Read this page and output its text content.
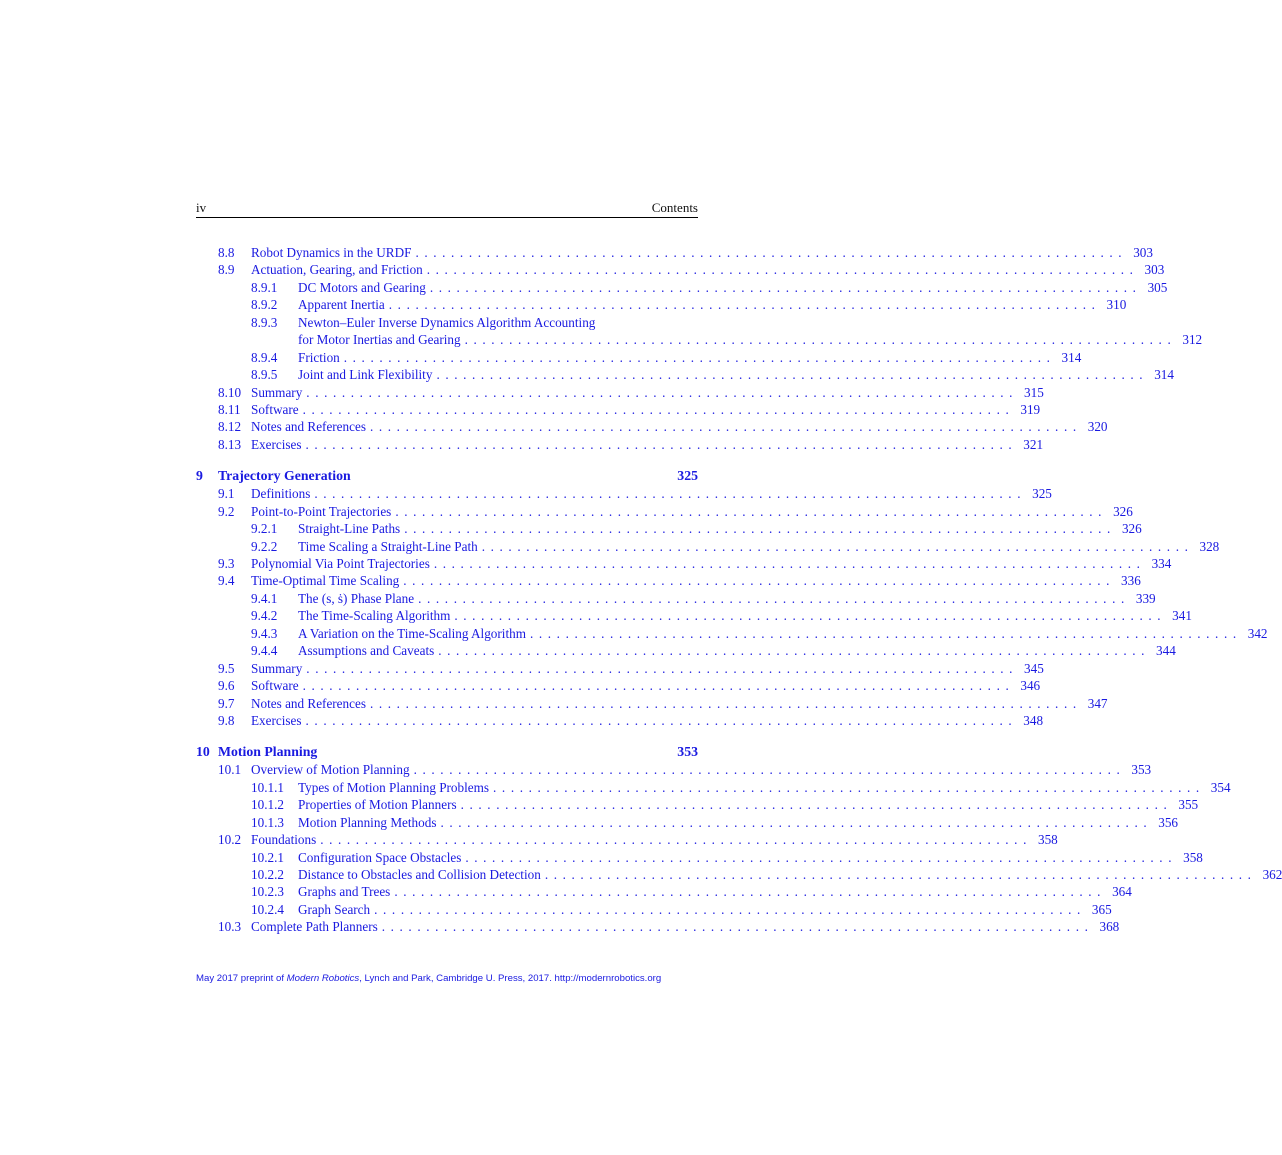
iv	Contents
8.8 Robot Dynamics in the URDF ................................................................................ 303
8.9 Actuation, Gearing, and Friction ................................................................................ 303
8.9.1 DC Motors and Gearing ................................................................................ 305
8.9.2 Apparent Inertia ................................................................................ 310
8.9.3 Newton–Euler Inverse Dynamics Algorithm Accounting
for Motor Inertias and Gearing ................................................................................ 312
8.9.4 Friction ................................................................................ 314
8.9.5 Joint and Link Flexibility ................................................................................ 314
8.10 Summary ................................................................................ 315
8.11 Software ................................................................................ 319
8.12 Notes and References ................................................................................ 320
8.13 Exercises ................................................................................ 321
9 Trajectory Generation	325
9.1 Definitions ................................................................................ 325
9.2 Point-to-Point Trajectories ................................................................................ 326
9.2.1 Straight-Line Paths ................................................................................ 326
9.2.2 Time Scaling a Straight-Line Path ................................................................................ 328
9.3 Polynomial Via Point Trajectories ................................................................................ 334
9.4 Time-Optimal Time Scaling ................................................................................ 336
9.4.1 The (s, ṡ) Phase Plane ................................................................................ 339
9.4.2 The Time-Scaling Algorithm ................................................................................ 341
9.4.3 A Variation on the Time-Scaling Algorithm ................................................................................ 342
9.4.4 Assumptions and Caveats ................................................................................ 344
9.5 Summary ................................................................................ 345
9.6 Software ................................................................................ 346
9.7 Notes and References ................................................................................ 347
9.8 Exercises ................................................................................ 348
10 Motion Planning	353
10.1 Overview of Motion Planning ................................................................................ 353
10.1.1 Types of Motion Planning Problems ................................................................................ 354
10.1.2 Properties of Motion Planners ................................................................................ 355
10.1.3 Motion Planning Methods ................................................................................ 356
10.2 Foundations ................................................................................ 358
10.2.1 Configuration Space Obstacles ................................................................................ 358
10.2.2 Distance to Obstacles and Collision Detection ................................................................................ 362
10.2.3 Graphs and Trees ................................................................................ 364
10.2.4 Graph Search ................................................................................ 365
10.3 Complete Path Planners ................................................................................ 368
May 2017 preprint of Modern Robotics, Lynch and Park, Cambridge U. Press, 2017. http://modernrobotics.org
